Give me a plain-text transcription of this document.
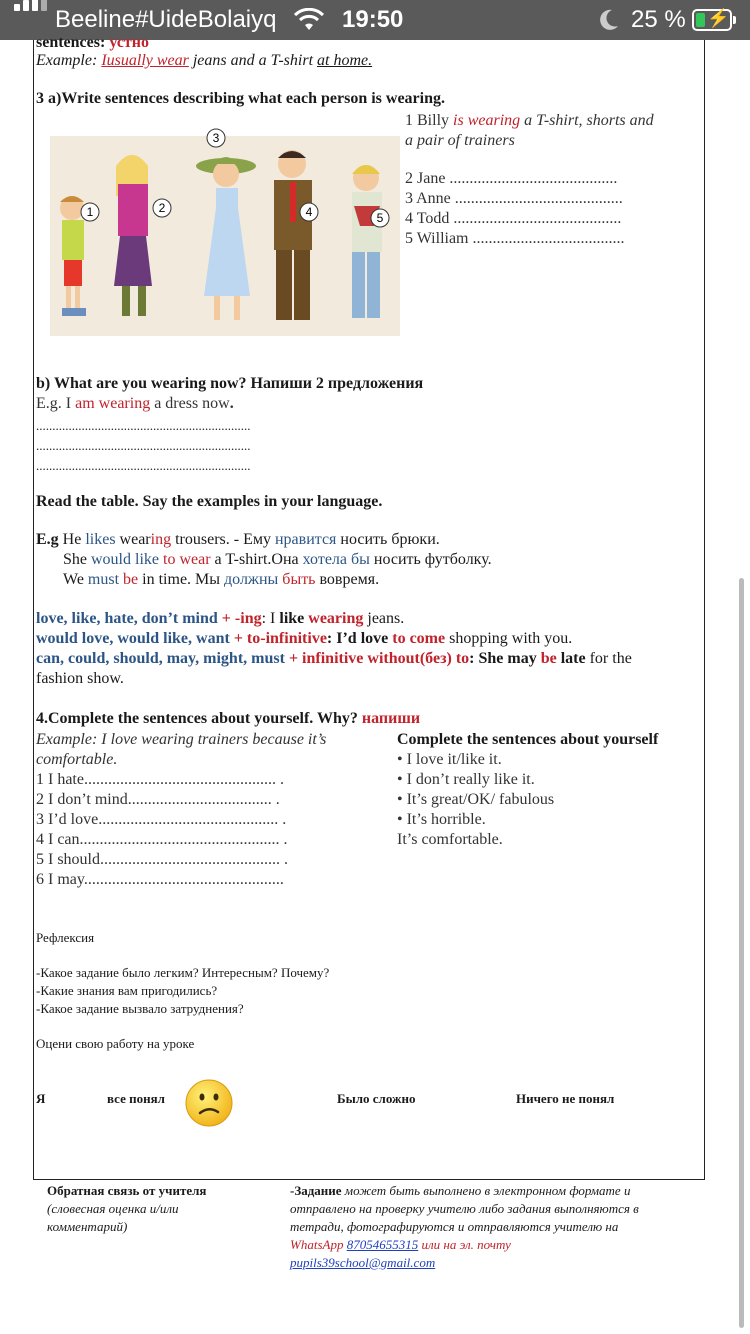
Beeline#UideBolaiyq	19:50	25 % ⚡
sentences: устно
Example: Iusually wear jeans and a T-shirt at home.
3 a)Write sentences describing what each person is wearing.
1	2
3
4	5
1 Billy is wearing a T-shirt, shorts and
a pair of trainers
2 Jane ..........................................
3 Anne ..........................................
4 Todd ..........................................
5 William ......................................
b) What are you wearing now? Напиши 2 предложения
E.g. I am wearing a dress now.
..................................................................
..................................................................
..................................................................
Read the table. Say the examples in your language.
E.g He likes wearing trousers. - Ему нравится носить брюки.
She would like to wear a T-shirt.Она хотела бы носить футболку.
We must be in time. Мы должны быть вовремя.
love, like, hate, don’t mind + -ing: I like wearing jeans.
would love, would like, want + to-infinitive: I’d love to come shopping with you.
can, could, should, may, might, must + infinitive without(без) to: She may be late for the
fashion show.
4.Complete the sentences about yourself. Why? напиши
Example: I love wearing trainers because it’s
comfortable.
1 I hate................................................ .
2 I don’t mind.................................... .
3 I’d love............................................. .
4 I can.................................................. .
5 I should............................................. .
6 I may..................................................
Complete the sentences about yourself
• I love it/like it.
• I don’t really like it.
• It’s great/OK/ fabulous
• It’s horrible.
It’s comfortable.
Рефлексия
-Какое задание было легким? Интересным? Почему?
-Какие знания вам пригодились?
-Какое задание вызвало затруднения?
Оцени свою работу на уроке
Я	все понял	Было сложно	Ничего не понял
Обратная связь от учителя
(словесная оценка и/или
комментарий)
-Задание может быть выполнено в электронном формате и
отправлено на проверку учителю либо задания выполняются в
тетради, фотографируются и отправляются учителю на
WhatsApp 87054655315 или на эл. почту
pupils39school@gmail.com
